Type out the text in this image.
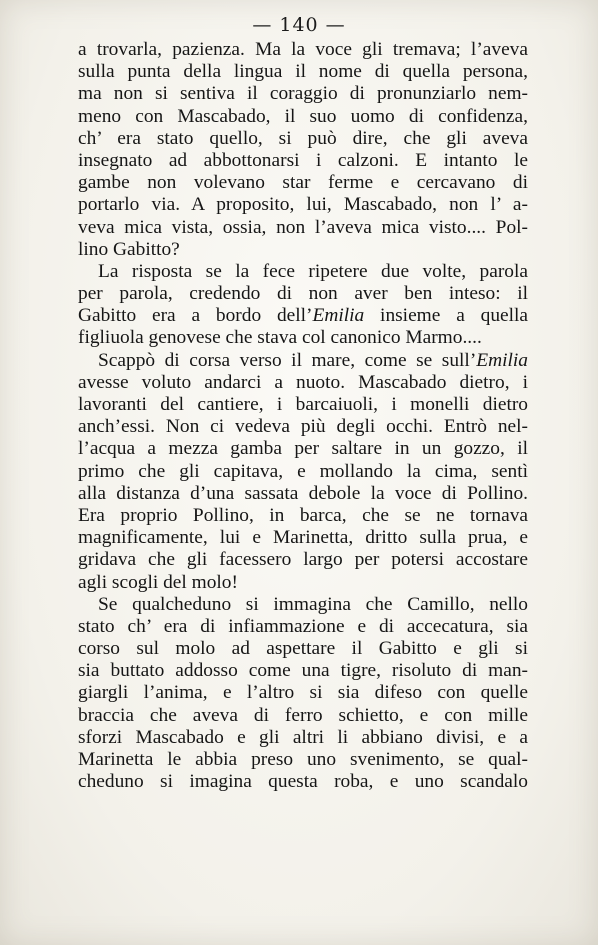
— 140 —
a trovarla, pazienza. Ma la voce gli tremava; l’aveva
sulla punta della lingua il nome di quella persona,
ma non si sentiva il coraggio di pronunziarlo nem-
meno con Mascabado, il suo uomo di confidenza,
ch’ era stato quello, si può dire, che gli aveva
insegnato ad abbottonarsi i calzoni. E intanto le
gambe non volevano star ferme e cercavano di
portarlo via. A proposito, lui, Mascabado, non l’ a-
veva mica vista, ossia, non l’aveva mica visto.... Pol-
lino Gabitto?
La risposta se la fece ripetere due volte, parola
per parola, credendo di non aver ben inteso: il
Gabitto era a bordo dell’Emilia insieme a quella
figliuola genovese che stava col canonico Marmo....
Scappò di corsa verso il mare, come se sull’Emilia
avesse voluto andarci a nuoto. Mascabado dietro, i
lavoranti del cantiere, i barcaiuoli, i monelli dietro
anch’essi. Non ci vedeva più degli occhi. Entrò nel-
l’acqua a mezza gamba per saltare in un gozzo, il
primo che gli capitava, e mollando la cima, sentì
alla distanza d’una sassata debole la voce di Pollino.
Era proprio Pollino, in barca, che se ne tornava
magnificamente, lui e Marinetta, dritto sulla prua, e
gridava che gli facessero largo per potersi accostare
agli scogli del molo!
Se qualcheduno si immagina che Camillo, nello
stato ch’ era di infiammazione e di accecatura, sia
corso sul molo ad aspettare il Gabitto e gli si
sia buttato addosso come una tigre, risoluto di man-
giargli l’anima, e l’altro si sia difeso con quelle
braccia che aveva di ferro schietto, e con mille
sforzi Mascabado e gli altri li abbiano divisi, e a
Marinetta le abbia preso uno svenimento, se qual-
cheduno si imagina questa roba, e uno scandalo
